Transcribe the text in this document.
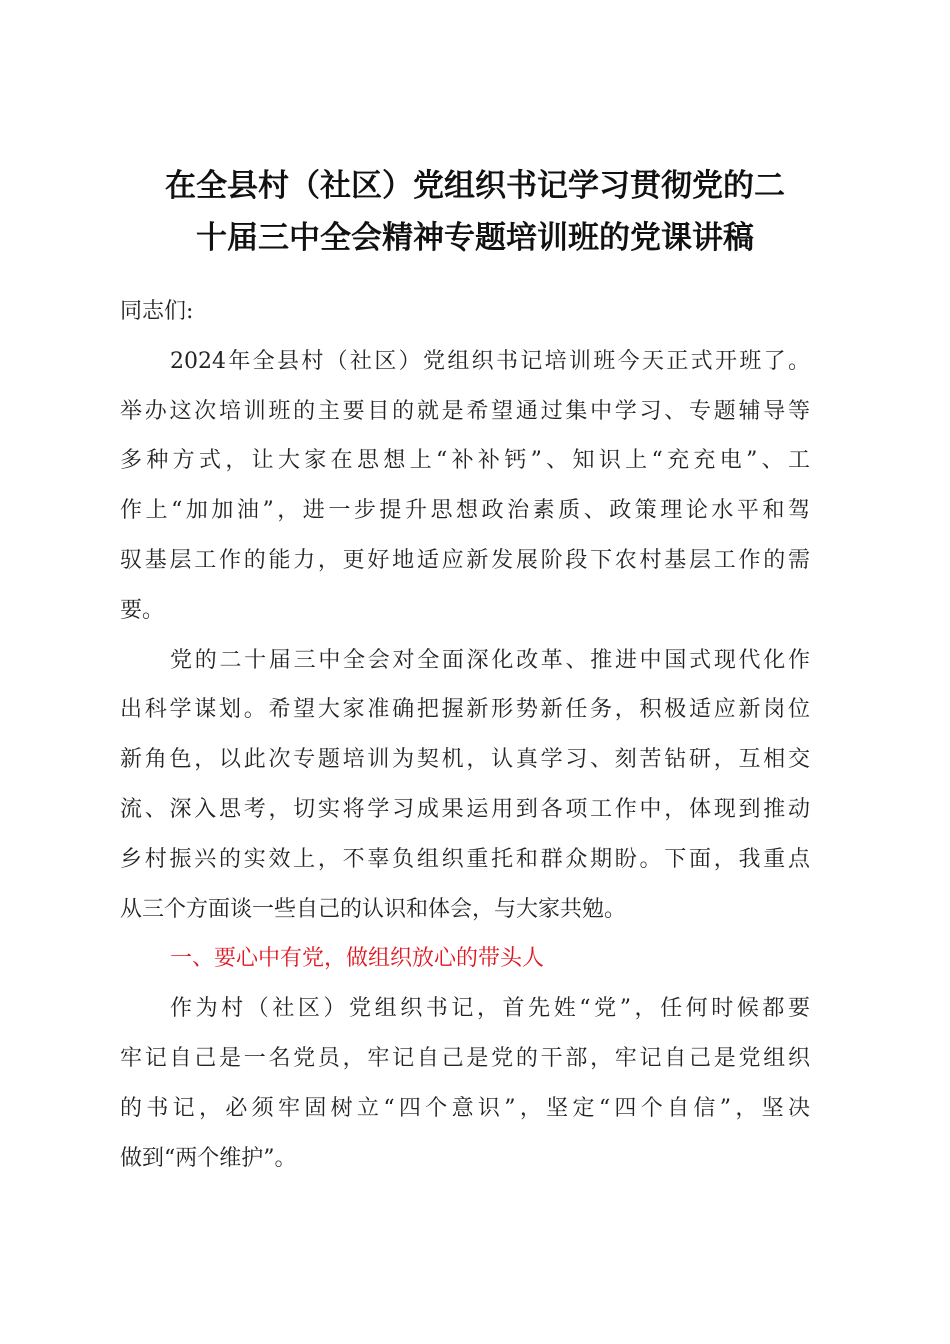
在全县村（社区）党组织书记学习贯彻党的二
十届三中全会精神专题培训班的党课讲稿
同志们:
2024年全县村（社区）党组织书记培训班今天正式开班了。
举办这次培训班的主要目的就是希望通过集中学习、专题辅导等
多种方式，让大家在思想上“补补钙”、知识上“充充电”、工
作上“加加油”，进一步提升思想政治素质、政策理论水平和驾
驭基层工作的能力，更好地适应新发展阶段下农村基层工作的需
要。
党的二十届三中全会对全面深化改革、推进中国式现代化作
出科学谋划。希望大家准确把握新形势新任务，积极适应新岗位
新角色，以此次专题培训为契机，认真学习、刻苦钻研，互相交
流、深入思考，切实将学习成果运用到各项工作中，体现到推动
乡村振兴的实效上，不辜负组织重托和群众期盼。下面，我重点
从三个方面谈一些自己的认识和体会，与大家共勉。
一、要心中有党，做组织放心的带头人
作为村（社区）党组织书记，首先姓“党”，任何时候都要
牢记自己是一名党员，牢记自己是党的干部，牢记自己是党组织
的书记，必须牢固树立“四个意识”，坚定“四个自信”，坚决
做到“两个维护”。
